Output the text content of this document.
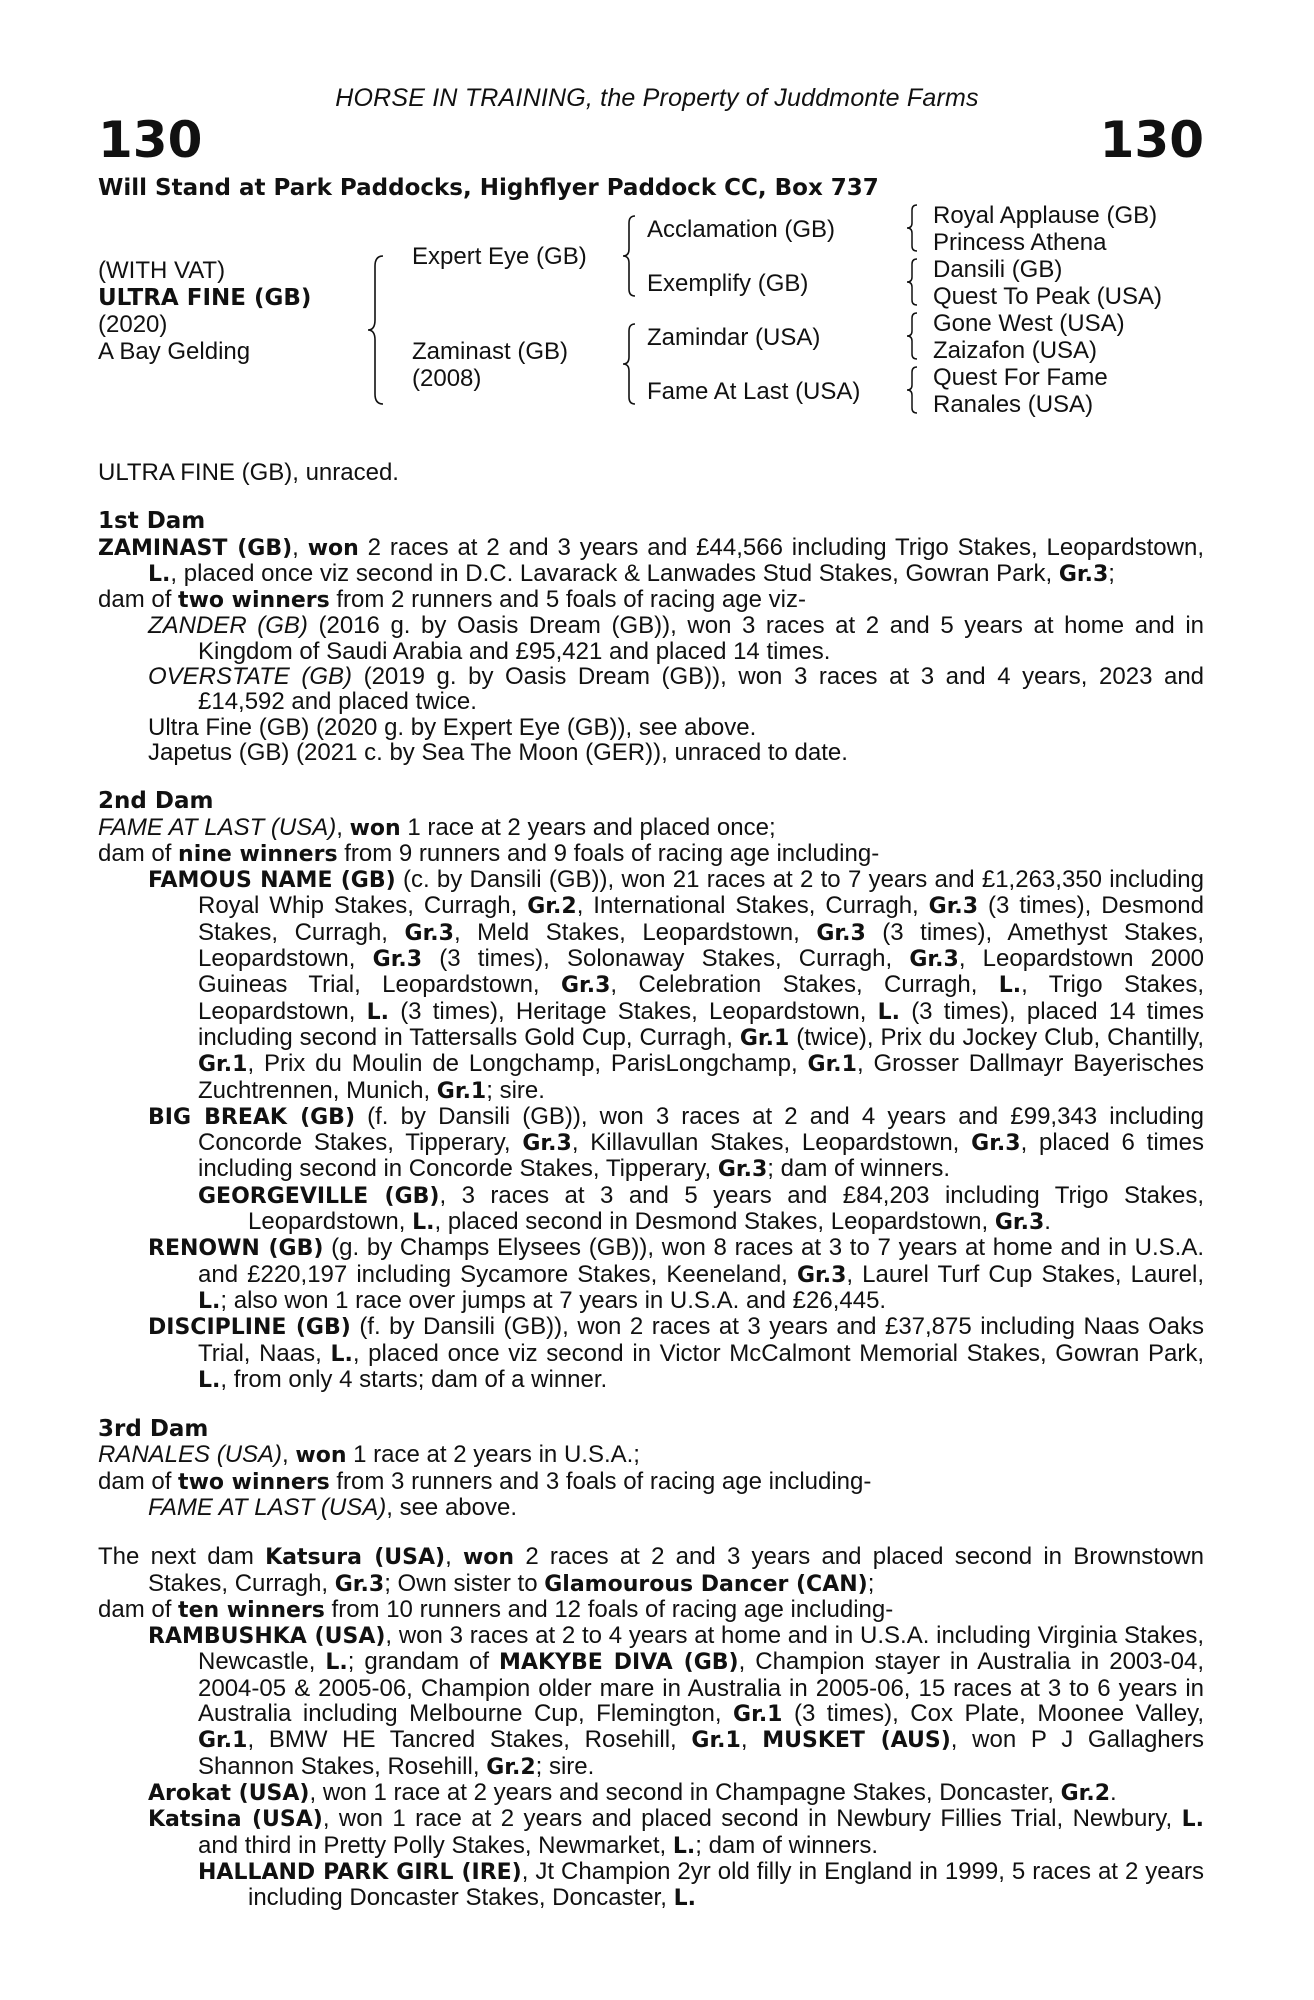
HORSE IN TRAINING, the Property of Juddmonte Farms
130	130
Will Stand at Park Paddocks, Highflyer Paddock CC, Box 737
(WITH VAT)
ULTRA FINE (GB)
(2020)
A Bay Gelding
Expert Eye (GB)
Zaminast (GB)
(2008)
Acclamation (GB)
Exemplify (GB)
Zamindar (USA)
Fame At Last (USA)
Royal Applause (GB)
Princess Athena
Dansili (GB)
Quest To Peak (USA)
Gone West (USA)
Zaizafon (USA)
Quest For Fame
Ranales (USA)
ULTRA FINE (GB), unraced.
1st Dam
ZAMINAST (GB), won 2 races at 2 and 3 years and £44,566 including Trigo Stakes, Leopardstown, L., placed once viz second in D.C. Lavarack & Lanwades Stud Stakes, Gowran Park, Gr.3;
dam of two winners from 2 runners and 5 foals of racing age viz-
ZANDER (GB) (2016 g. by Oasis Dream (GB)), won 3 races at 2 and 5 years at home and in Kingdom of Saudi Arabia and £95,421 and placed 14 times.
OVERSTATE (GB) (2019 g. by Oasis Dream (GB)), won 3 races at 3 and 4 years, 2023 and £14,592 and placed twice.
Ultra Fine (GB) (2020 g. by Expert Eye (GB)), see above.
Japetus (GB) (2021 c. by Sea The Moon (GER)), unraced to date.
2nd Dam
FAME AT LAST (USA), won 1 race at 2 years and placed once;
dam of nine winners from 9 runners and 9 foals of racing age including-
FAMOUS NAME (GB) (c. by Dansili (GB)), won 21 races at 2 to 7 years and £1,263,350 including Royal Whip Stakes, Curragh, Gr.2, International Stakes, Curragh, Gr.3 (3 times), Desmond Stakes, Curragh, Gr.3, Meld Stakes, Leopardstown, Gr.3 (3 times), Amethyst Stakes, Leopardstown, Gr.3 (3 times), Solonaway Stakes, Curragh, Gr.3, Leopardstown 2000 Guineas Trial, Leopardstown, Gr.3, Celebration Stakes, Curragh, L., Trigo Stakes, Leopardstown, L. (3 times), Heritage Stakes, Leopardstown, L. (3 times), placed 14 times including second in Tattersalls Gold Cup, Curragh, Gr.1 (twice), Prix du Jockey Club, Chantilly, Gr.1, Prix du Moulin de Longchamp, ParisLongchamp, Gr.1, Grosser Dallmayr Bayerisches Zuchtrennen, Munich, Gr.1; sire.
BIG BREAK (GB) (f. by Dansili (GB)), won 3 races at 2 and 4 years and £99,343 including Concorde Stakes, Tipperary, Gr.3, Killavullan Stakes, Leopardstown, Gr.3, placed 6 times including second in Concorde Stakes, Tipperary, Gr.3; dam of winners.
GEORGEVILLE (GB), 3 races at 3 and 5 years and £84,203 including Trigo Stakes, Leopardstown, L., placed second in Desmond Stakes, Leopardstown, Gr.3.
RENOWN (GB) (g. by Champs Elysees (GB)), won 8 races at 3 to 7 years at home and in U.S.A. and £220,197 including Sycamore Stakes, Keeneland, Gr.3, Laurel Turf Cup Stakes, Laurel, L.; also won 1 race over jumps at 7 years in U.S.A. and £26,445.
DISCIPLINE (GB) (f. by Dansili (GB)), won 2 races at 3 years and £37,875 including Naas Oaks Trial, Naas, L., placed once viz second in Victor McCalmont Memorial Stakes, Gowran Park, L., from only 4 starts; dam of a winner.
3rd Dam
RANALES (USA), won 1 race at 2 years in U.S.A.;
dam of two winners from 3 runners and 3 foals of racing age including-
FAME AT LAST (USA), see above.
The next dam Katsura (USA), won 2 races at 2 and 3 years and placed second in Brownstown Stakes, Curragh, Gr.3; Own sister to Glamourous Dancer (CAN);
dam of ten winners from 10 runners and 12 foals of racing age including-
RAMBUSHKA (USA), won 3 races at 2 to 4 years at home and in U.S.A. including Virginia Stakes, Newcastle, L.; grandam of MAKYBE DIVA (GB), Champion stayer in Australia in 2003-04, 2004-05 & 2005-06, Champion older mare in Australia in 2005-06, 15 races at 3 to 6 years in Australia including Melbourne Cup, Flemington, Gr.1 (3 times), Cox Plate, Moonee Valley, Gr.1, BMW HE Tancred Stakes, Rosehill, Gr.1, MUSKET (AUS), won P J Gallaghers Shannon Stakes, Rosehill, Gr.2; sire.
Arokat (USA), won 1 race at 2 years and second in Champagne Stakes, Doncaster, Gr.2.
Katsina (USA), won 1 race at 2 years and placed second in Newbury Fillies Trial, Newbury, L. and third in Pretty Polly Stakes, Newmarket, L.; dam of winners.
HALLAND PARK GIRL (IRE), Jt Champion 2yr old filly in England in 1999, 5 races at 2 years including Doncaster Stakes, Doncaster, L.
